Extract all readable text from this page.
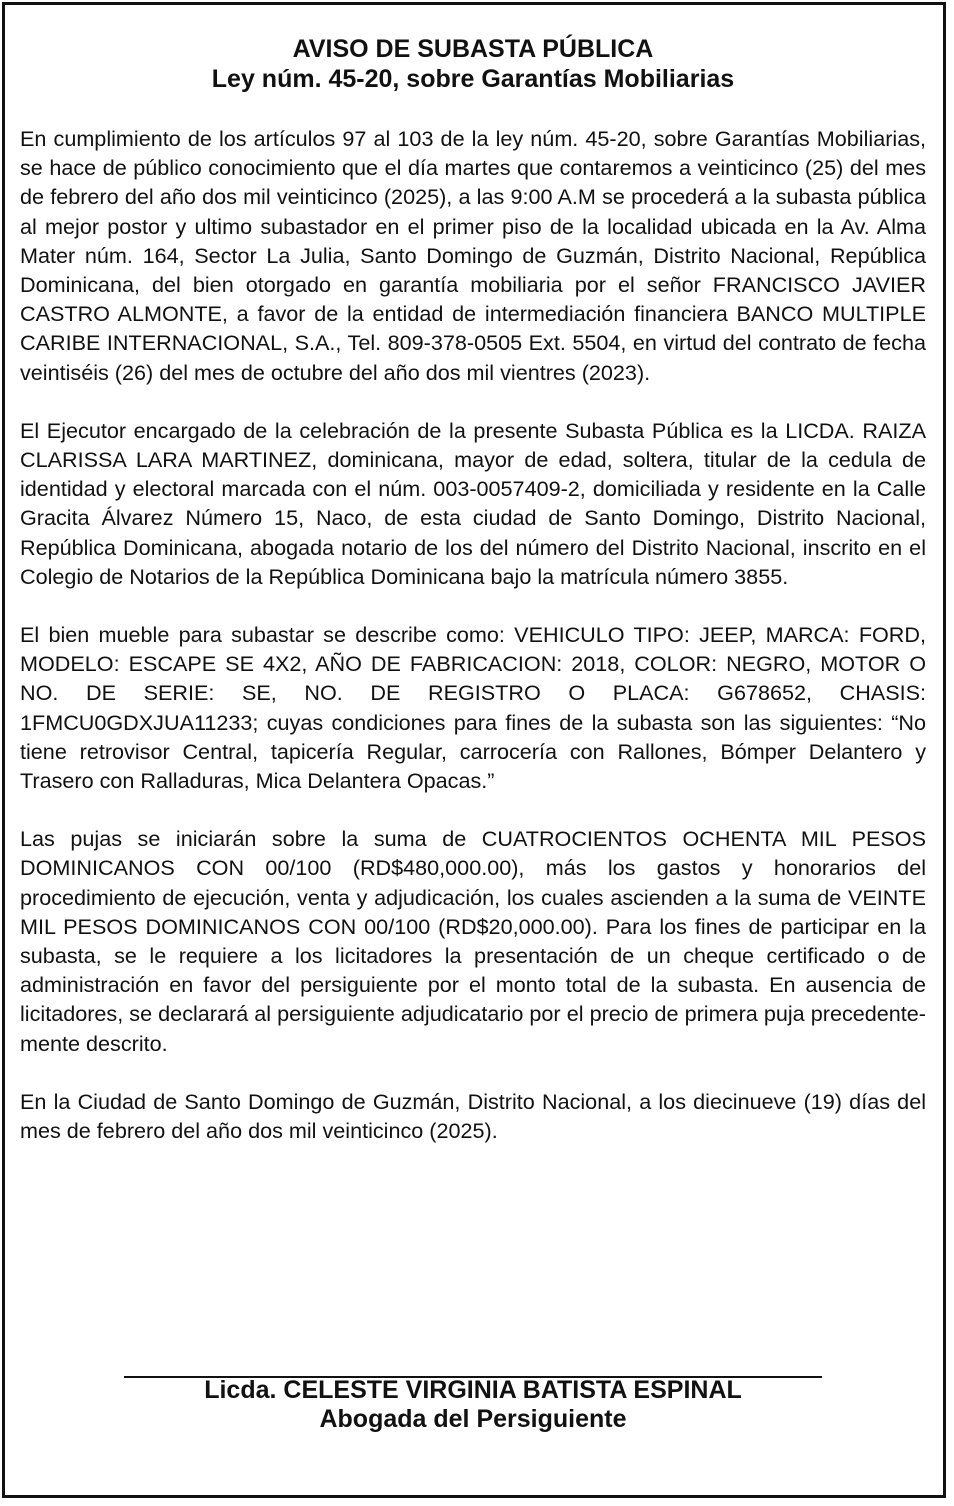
AVISO DE SUBASTA PÚBLICA

Ley núm. 45-20, sobre Garantías Mobiliarias

En cumplimiento de los artículos 97 al 103 de la ley núm. 45-20, sobre Garantías Mobiliarias, se hace de público conocimiento que el día martes que contaremos a veinticinco (25) del mes de febrero del año dos mil veinticinco (2025), a las 9:00 A.M se procederá a la subasta pública al mejor postor y ultimo subastador en el primer piso de la localidad ubicada en la Av. Alma Mater núm. 164, Sector La Julia, Santo Domingo de Guzmán, Distrito Nacional, República Dominicana, del bien otorgado en garantía mobiliaria por el señor FRANCISCO JAVIER CASTRO ALMONTE, a favor de la entidad de intermediación financiera BANCO MULTIPLE CARIBE INTERNACIONAL, S.A., Tel. 809-378-0505 Ext. 5504, en virtud del contrato de fecha veintiséis (26) del mes de octubre del año dos mil vientres (2023).

El Ejecutor encargado de la celebración de la presente Subasta Pública es la LICDA. RAIZA CLARISSA LARA MARTINEZ, dominicana, mayor de edad, soltera, titular de la cedula de identidad y electoral marcada con el núm. 003-0057409-2, domiciliada y residente en la Calle Gracita Álvarez Número 15, Naco, de esta ciudad de Santo Domingo, Distrito Nacional, República Dominicana, abogada notario de los del número del Distrito Nacional, inscrito en el Colegio de Notarios de la República Dominicana bajo la matrícula número 3855.

El bien mueble para subastar se describe como: VEHICULO TIPO: JEEP, MARCA: FORD, MODELO: ESCAPE SE 4X2, AÑO DE FABRICACION: 2018, COLOR: NEGRO, MOTOR O NO. DE SERIE: SE, NO. DE REGISTRO O PLACA: G678652, CHASIS: 1FMCU0GDXJUA11233; cuyas condiciones para fines de la subasta son las siguientes: “No tiene retrovisor Central, tapicería Regular, carrocería con Rallones, Bómper Delantero y Trasero con Ralladuras, Mica Delantera Opacas.”

Las pujas se iniciarán sobre la suma de CUATROCIENTOS OCHENTA MIL PESOS DOMINICANOS CON 00/100 (RD$480,000.00), más los gastos y honorarios del procedimiento de ejecución, venta y adjudicación, los cuales ascienden a la suma de VEINTE MIL PESOS DOMINICANOS CON 00/100 (RD$20,000.00). Para los fines de participar en la subasta, se le requiere a los licitadores la presentación de un cheque certificado o de administración en favor del persiguiente por el monto total de la subasta. En ausencia de licitadores, se declarará al persiguiente adjudicatario por el precio de primera puja precedentemente descrito.

En la Ciudad de Santo Domingo de Guzmán, Distrito Nacional, a los diecinueve (19) días del mes de febrero del año dos mil veinticinco (2025).

Licda. CELESTE VIRGINIA BATISTA ESPINAL
Abogada del Persiguiente
